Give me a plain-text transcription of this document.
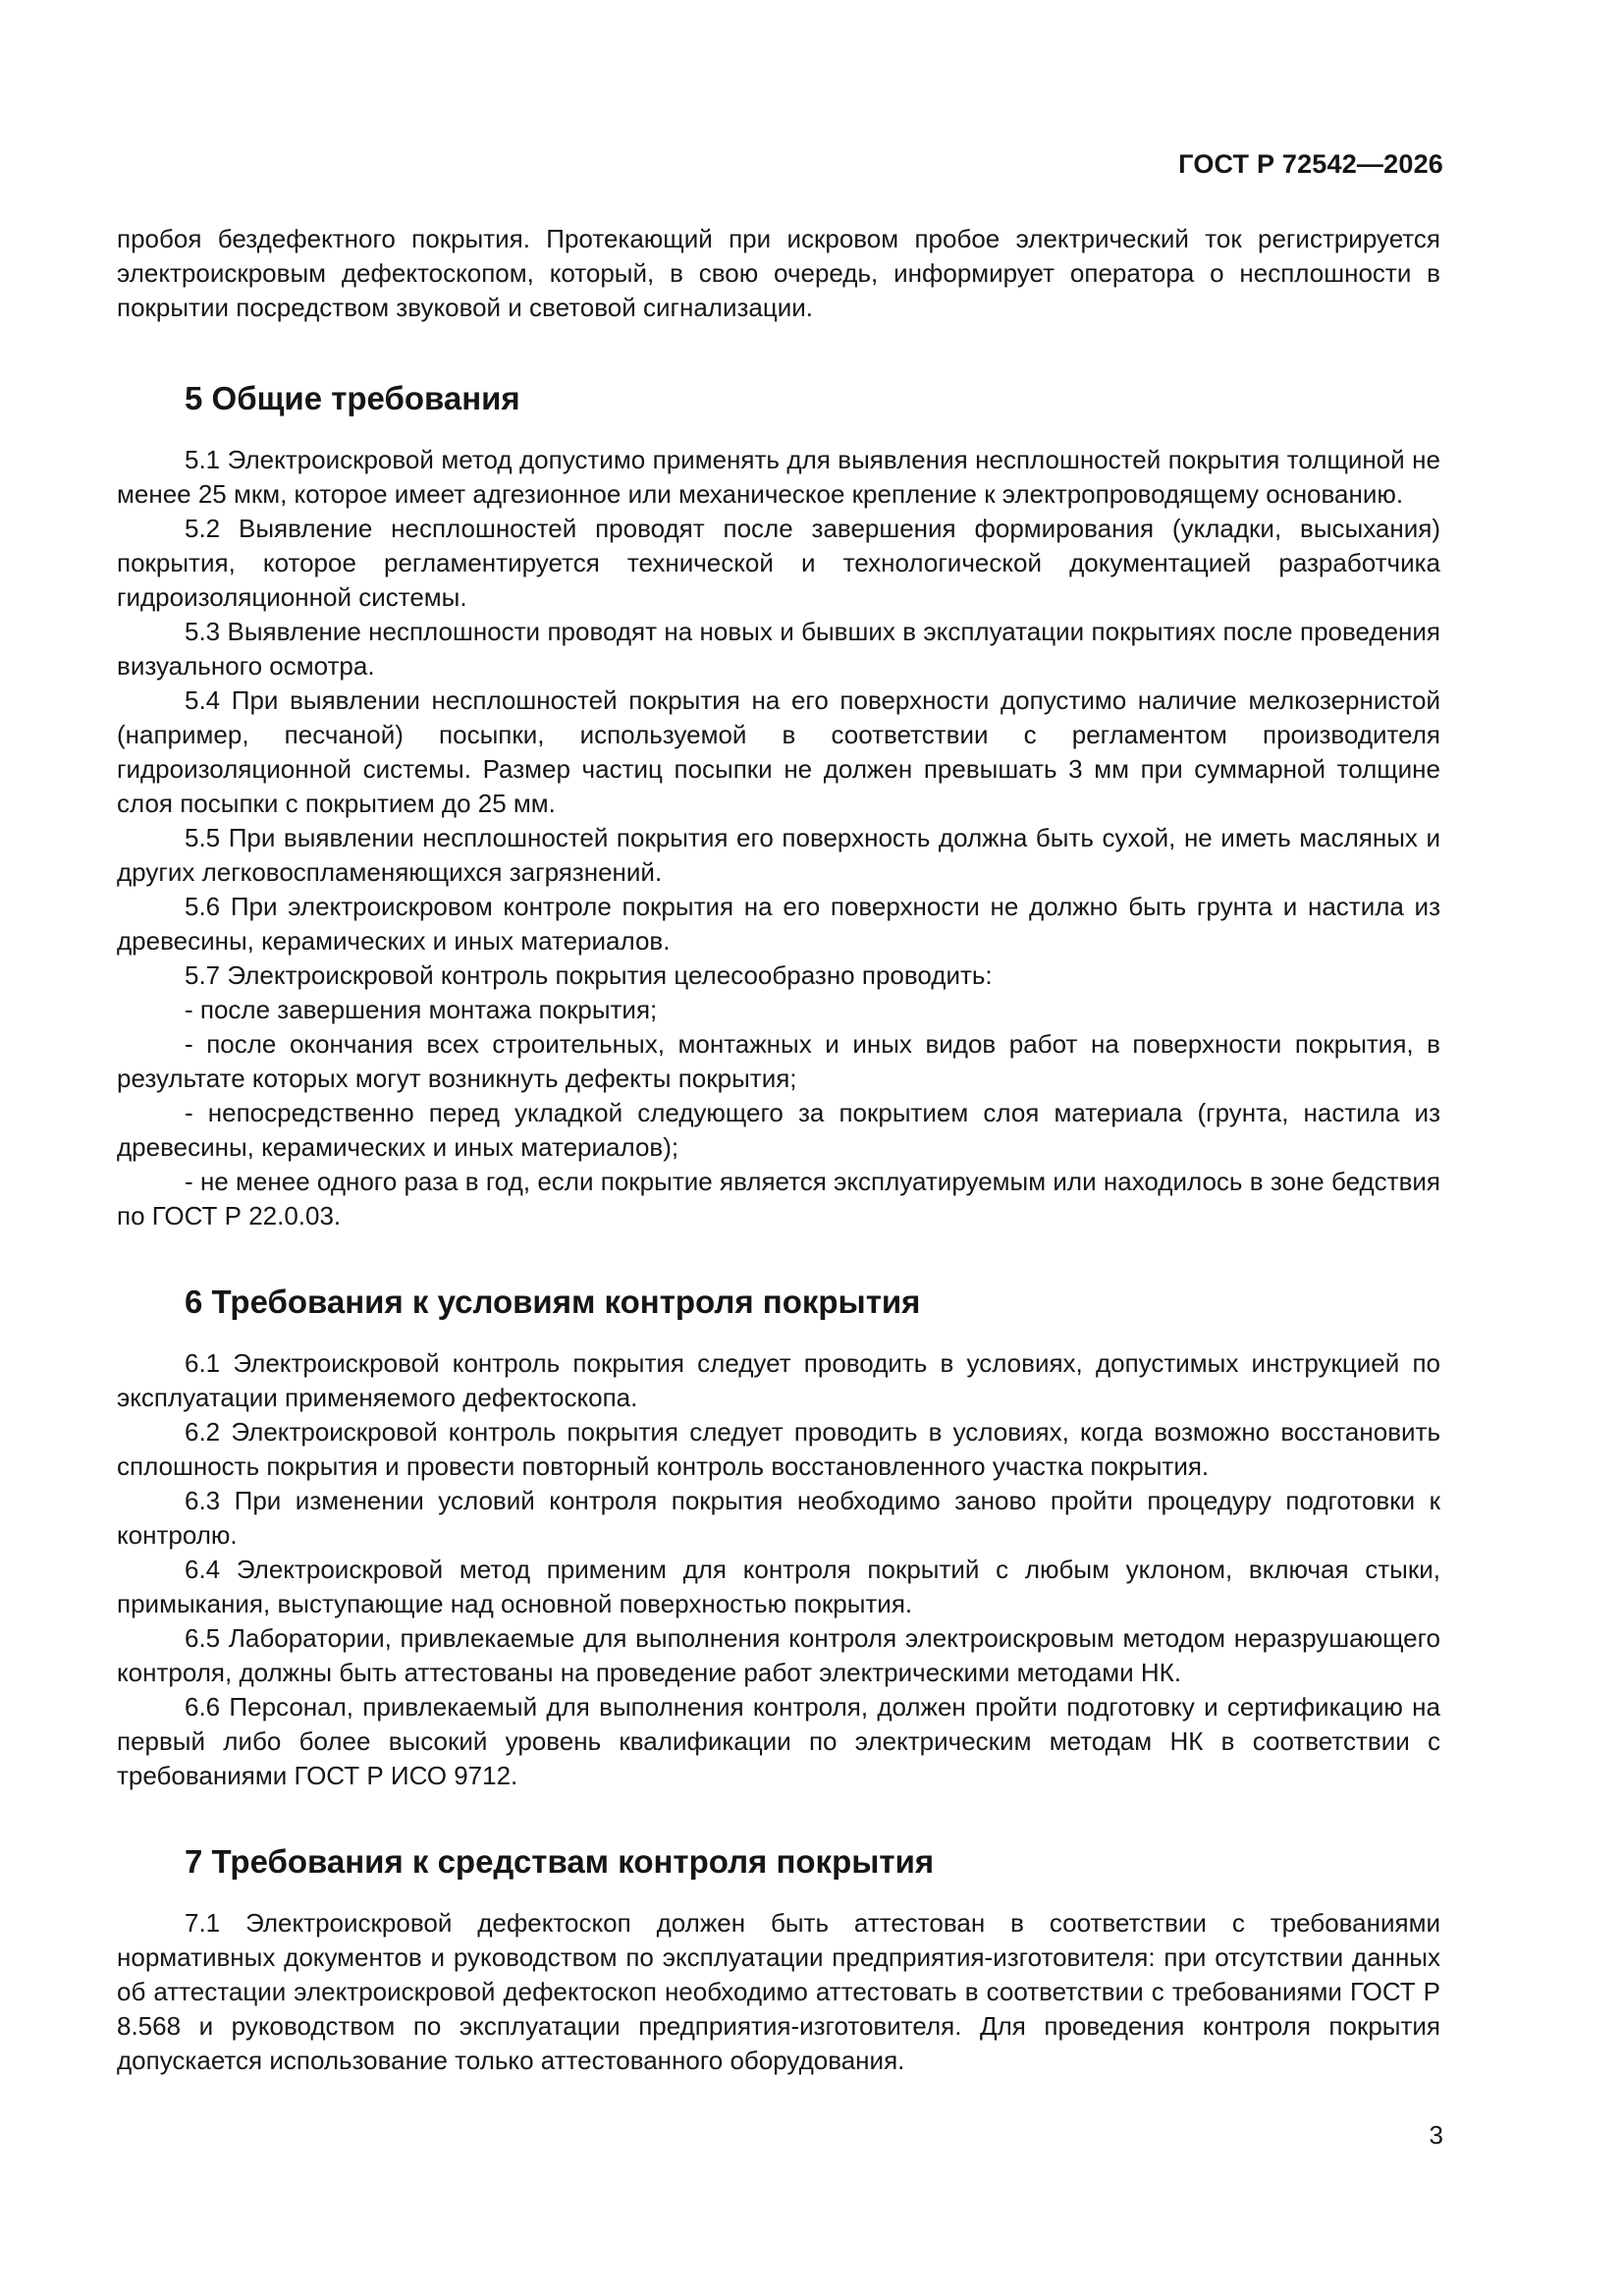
ГОСТ Р 72542—2026

пробоя бездефектного покрытия. Протекающий при искровом пробое электрический ток регистрируется электроискровым дефектоскопом, который, в свою очередь, информирует оператора о несплошности в покрытии посредством звуковой и световой сигнализации.

5 Общие требования

5.1 Электроискровой метод допустимо применять для выявления несплошностей покрытия толщиной не менее 25 мкм, которое имеет адгезионное или механическое крепление к электропроводящему основанию.

5.2 Выявление несплошностей проводят после завершения формирования (укладки, высыхания) покрытия, которое регламентируется технической и технологической документацией разработчика гидроизоляционной системы.

5.3 Выявление несплошности проводят на новых и бывших в эксплуатации покрытиях после проведения визуального осмотра.

5.4 При выявлении несплошностей покрытия на его поверхности допустимо наличие мелкозернистой (например, песчаной) посыпки, используемой в соответствии с регламентом производителя гидроизоляционной системы. Размер частиц посыпки не должен превышать 3 мм при суммарной толщине слоя посыпки с покрытием до 25 мм.

5.5 При выявлении несплошностей покрытия его поверхность должна быть сухой, не иметь масляных и других легковоспламеняющихся загрязнений.

5.6 При электроискровом контроле покрытия на его поверхности не должно быть грунта и настила из древесины, керамических и иных материалов.

5.7 Электроискровой контроль покрытия целесообразно проводить:

- после завершения монтажа покрытия;

- после окончания всех строительных, монтажных и иных видов работ на поверхности покрытия, в результате которых могут возникнуть дефекты покрытия;

- непосредственно перед укладкой следующего за покрытием слоя материала (грунта, настила из древесины, керамических и иных материалов);

- не менее одного раза в год, если покрытие является эксплуатируемым или находилось в зоне бедствия по ГОСТ Р 22.0.03.

6 Требования к условиям контроля покрытия

6.1 Электроискровой контроль покрытия следует проводить в условиях, допустимых инструкцией по эксплуатации применяемого дефектоскопа.

6.2 Электроискровой контроль покрытия следует проводить в условиях, когда возможно восстановить сплошность покрытия и провести повторный контроль восстановленного участка покрытия.

6.3 При изменении условий контроля покрытия необходимо заново пройти процедуру подготовки к контролю.

6.4 Электроискровой метод применим для контроля покрытий с любым уклоном, включая стыки, примыкания, выступающие над основной поверхностью покрытия.

6.5 Лаборатории, привлекаемые для выполнения контроля электроискровым методом неразрушающего контроля, должны быть аттестованы на проведение работ электрическими методами НК.

6.6 Персонал, привлекаемый для выполнения контроля, должен пройти подготовку и сертификацию на первый либо более высокий уровень квалификации по электрическим методам НК в соответствии с требованиями ГОСТ Р ИСО 9712.

7 Требования к средствам контроля покрытия

7.1 Электроискровой дефектоскоп должен быть аттестован в соответствии с требованиями нормативных документов и руководством по эксплуатации предприятия-изготовителя: при отсутствии данных об аттестации электроискровой дефектоскоп необходимо аттестовать в соответствии с требованиями ГОСТ Р 8.568 и руководством по эксплуатации предприятия-изготовителя. Для проведения контроля покрытия допускается использование только аттестованного оборудования.

3
